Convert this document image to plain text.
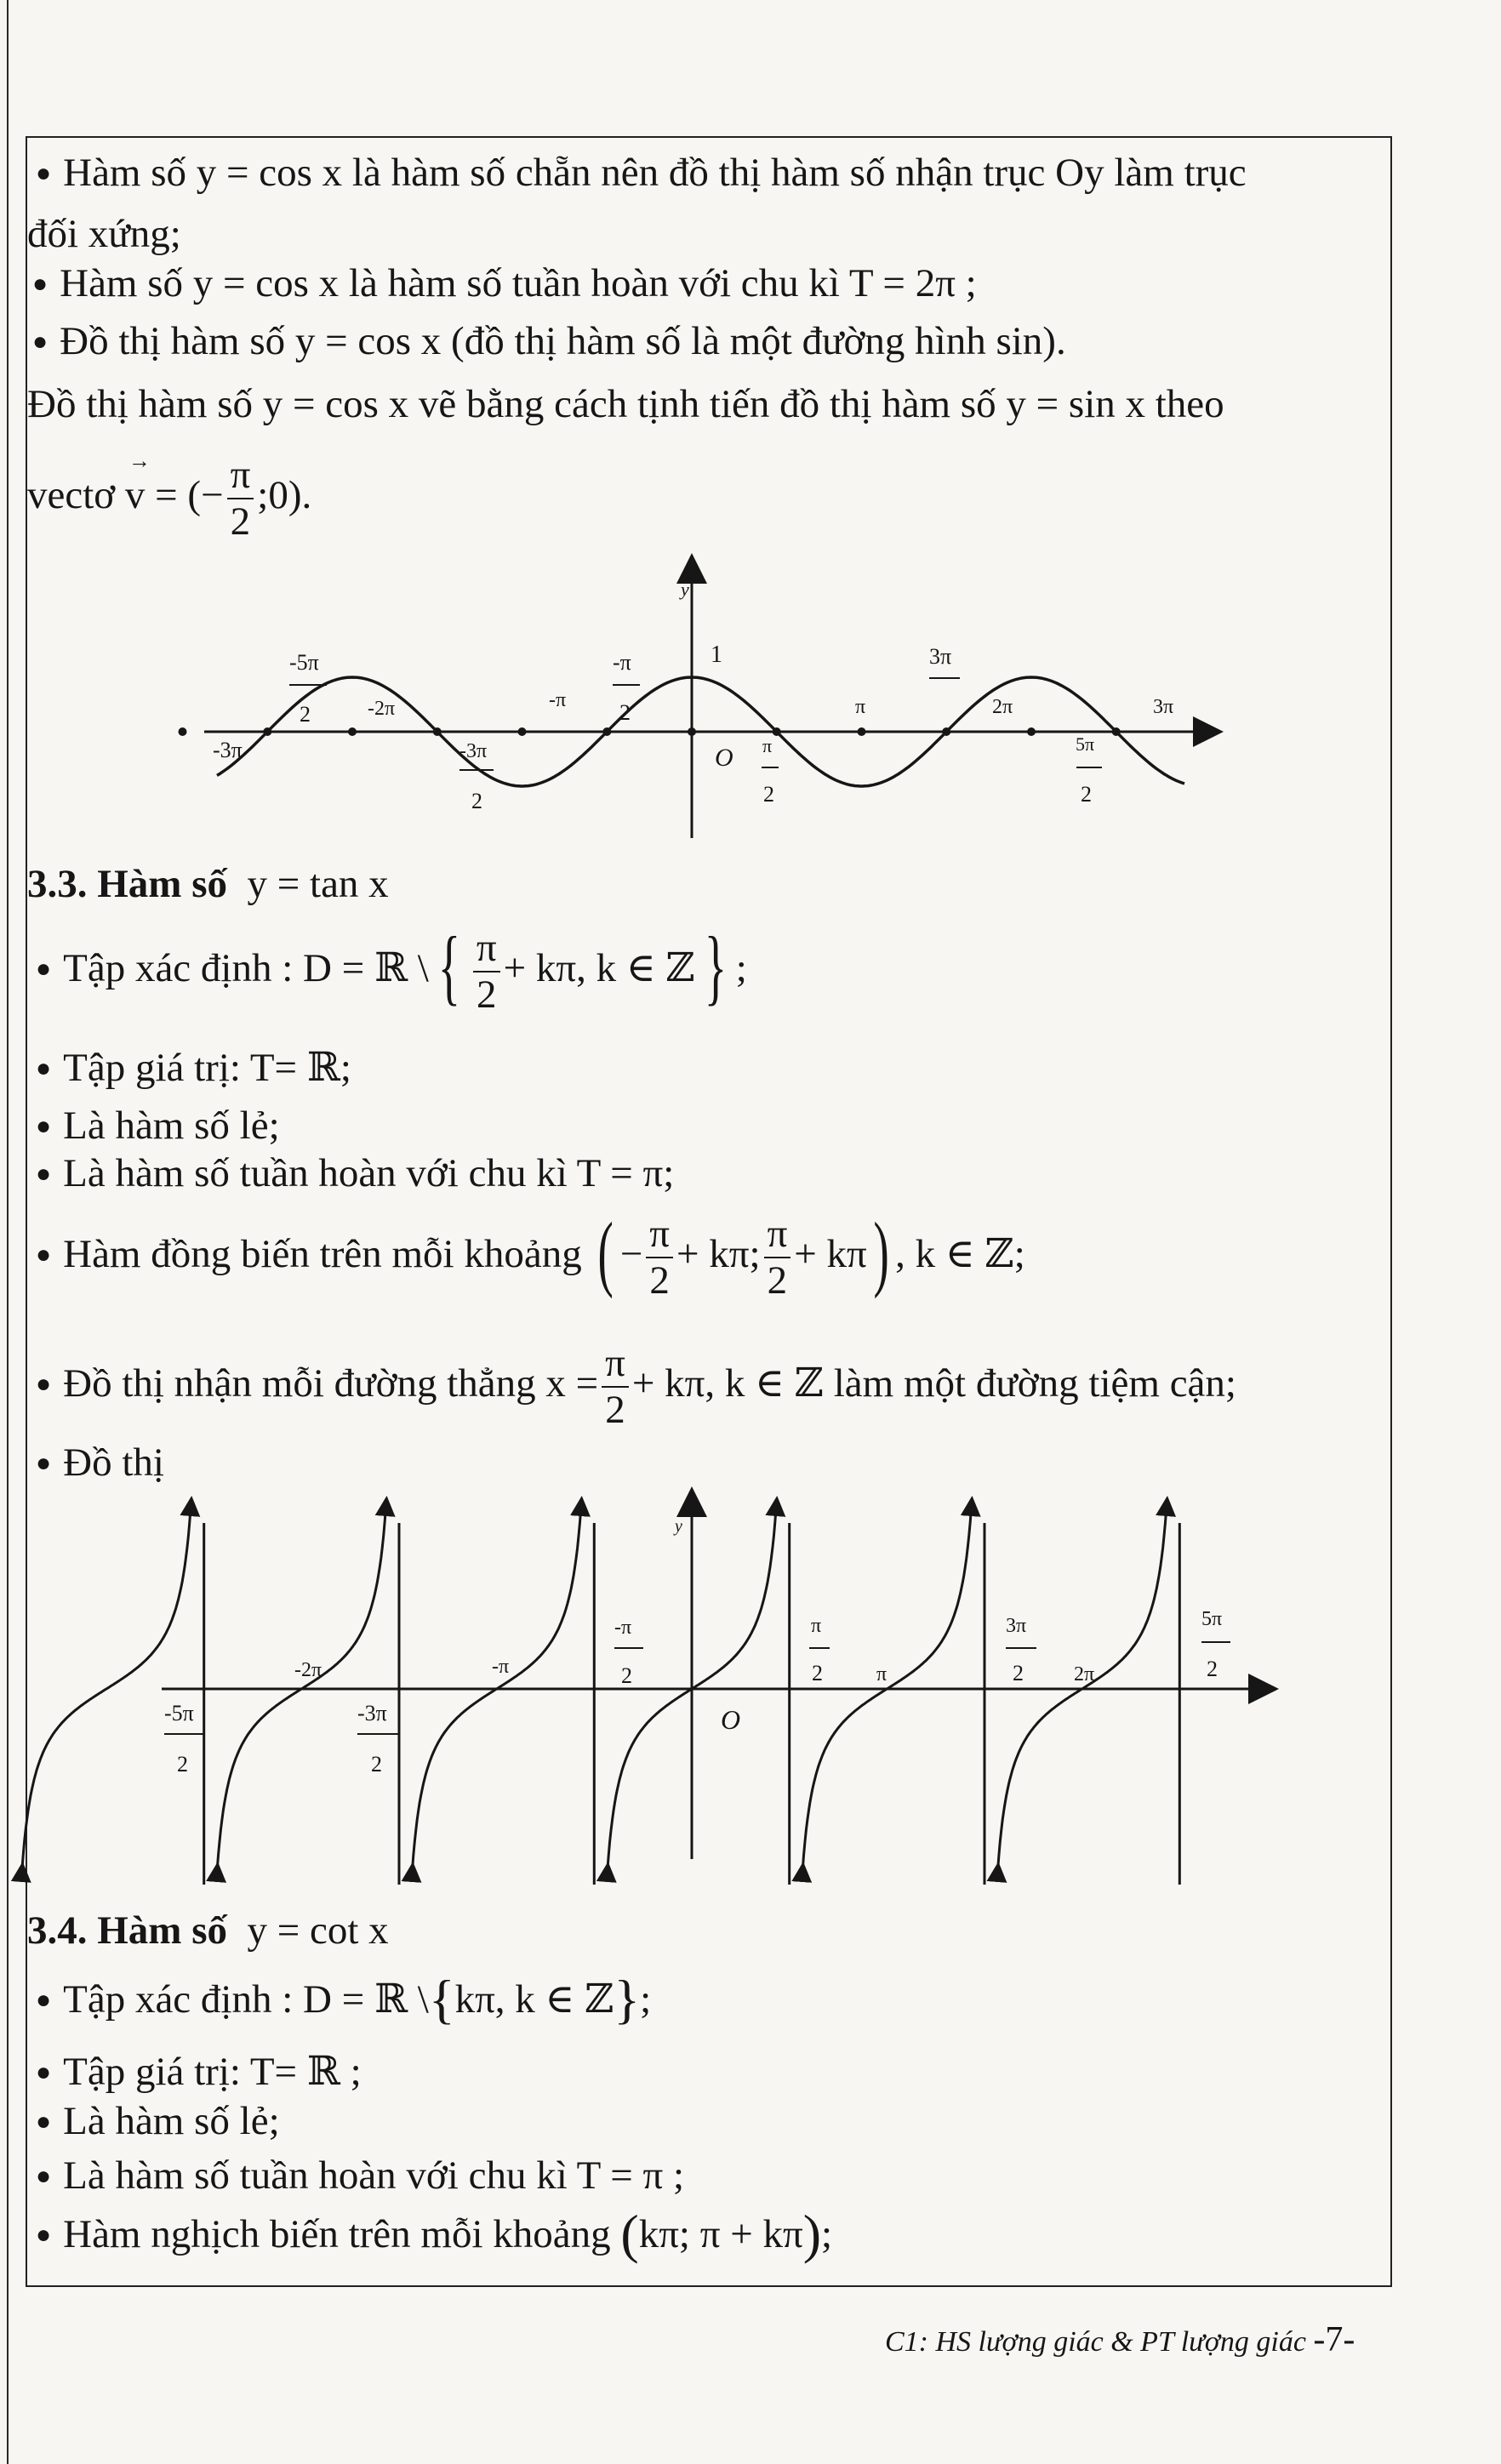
● Hàm số y = cos x là hàm số chẵn nên đồ thị hàm số nhận trục Oy làm trục
đối xứng;
● Hàm số y = cos x là hàm số tuần hoàn với chu kì T = 2π ;
● Đồ thị hàm số y = cos x (đồ thị hàm số là một đường hình sin).
Đồ thị hàm số y = cos x vẽ bằng cách tịnh tiến đồ thị hàm số y = sin x theo
vectơ → v = (− $\frac{\pi}{2}$ ;0).
y
1
O
-5π
2	-2π
-3π	-3π
2
-π
-π
2
π
2
π
3π
2π
5π
2
3π
3.3. Hàm số y = tan x
● Tập xác định : D = ℝ \ { $\frac{\pi}{2} + k\pi$, k ∈ ℤ } ;
● Tập giá trị: T= ℝ;
● Là hàm số lẻ;
● Là hàm số tuần hoàn với chu kì T = π;
● Hàm đồng biến trên mỗi khoảng ( − $\frac{\pi}{2} + k\pi$; $\frac{\pi}{2} + k\pi$) , k ∈ ℤ;
● Đồ thị nhận mỗi đường thẳng $x = \frac{\pi}{2} + k\pi$, k ∈ ℤ làm một đường tiệm cận;
● Đồ thị
y
O
-5π
2
-2π
-3π
2
-π
-π
2
π
2	π
3π
2 2π
5π
2
3.4. Hàm số y = cot x
● Tập xác định : D = ℝ \{kπ, k ∈ ℤ};
● Tập giá trị: T= ℝ ;
● Là hàm số lẻ;
● Là hàm số tuần hoàn với chu kì T = π ;
● Hàm nghịch biến trên mỗi khoảng (kπ; π + kπ);
C1: HS lượng giác & PT lượng giác -7-
